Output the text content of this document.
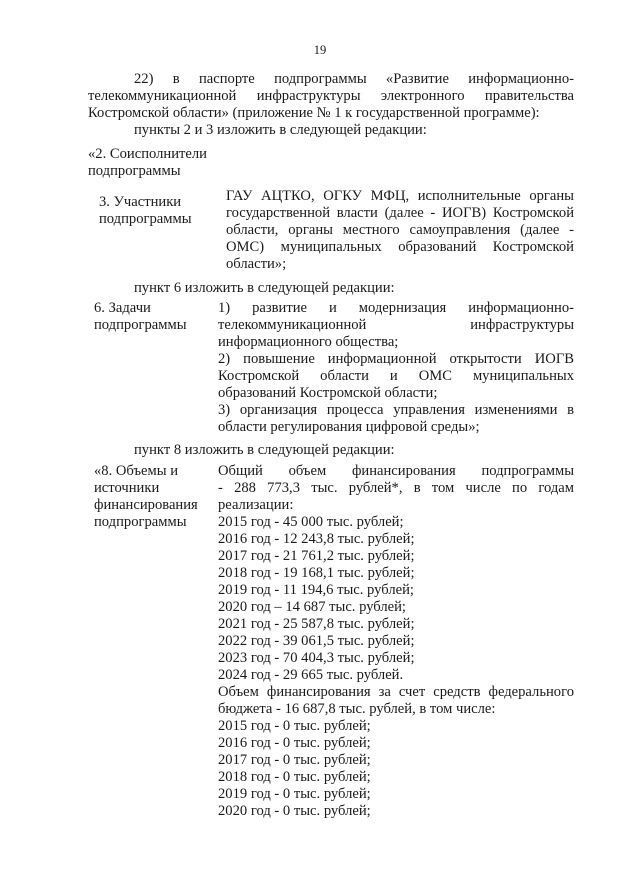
19
22) в паспорте подпрограммы «Развитие информационно-
телекоммуникационной инфраструктуры электронного правительства
Костромской области» (приложение № 1 к государственной программе):
пункты 2 и 3 изложить в следующей редакции:
«2. Соисполнители
подпрограммы
3. Участники
подпрограммы
ГАУ АЦТКО, ОГКУ МФЦ, исполнительные органы
государственной власти (далее - ИОГВ) Костромской
области, органы местного самоуправления (далее -
ОМС) муниципальных образований Костромской
области»;
пункт 6 изложить в следующей редакции:
6. Задачи
подпрограммы
1) развитие и модернизация информационно-
телекоммуникационной инфраструктуры
информационного общества;
2) повышение информационной открытости ИОГВ
Костромской области и ОМС муниципальных
образований Костромской области;
3) организация процесса управления изменениями в
области регулирования цифровой среды»;
пункт 8 изложить в следующей редакции:
«8. Объемы и
источники
финансирования
подпрограммы
Общий объем финансирования подпрограммы
- 288 773,3 тыс. рублей*, в том числе по годам
реализации:
2015 год - 45 000 тыс. рублей;
2016 год - 12 243,8 тыс. рублей;
2017 год - 21 761,2 тыс. рублей;
2018 год - 19 168,1 тыс. рублей;
2019 год - 11 194,6 тыс. рублей;
2020 год – 14 687 тыс. рублей;
2021 год - 25 587,8 тыс. рублей;
2022 год - 39 061,5 тыс. рублей;
2023 год - 70 404,3 тыс. рублей;
2024 год - 29 665 тыс. рублей.
Объем финансирования за счет средств федерального
бюджета - 16 687,8 тыс. рублей, в том числе:
2015 год - 0 тыс. рублей;
2016 год - 0 тыс. рублей;
2017 год - 0 тыс. рублей;
2018 год - 0 тыс. рублей;
2019 год - 0 тыс. рублей;
2020 год - 0 тыс. рублей;
